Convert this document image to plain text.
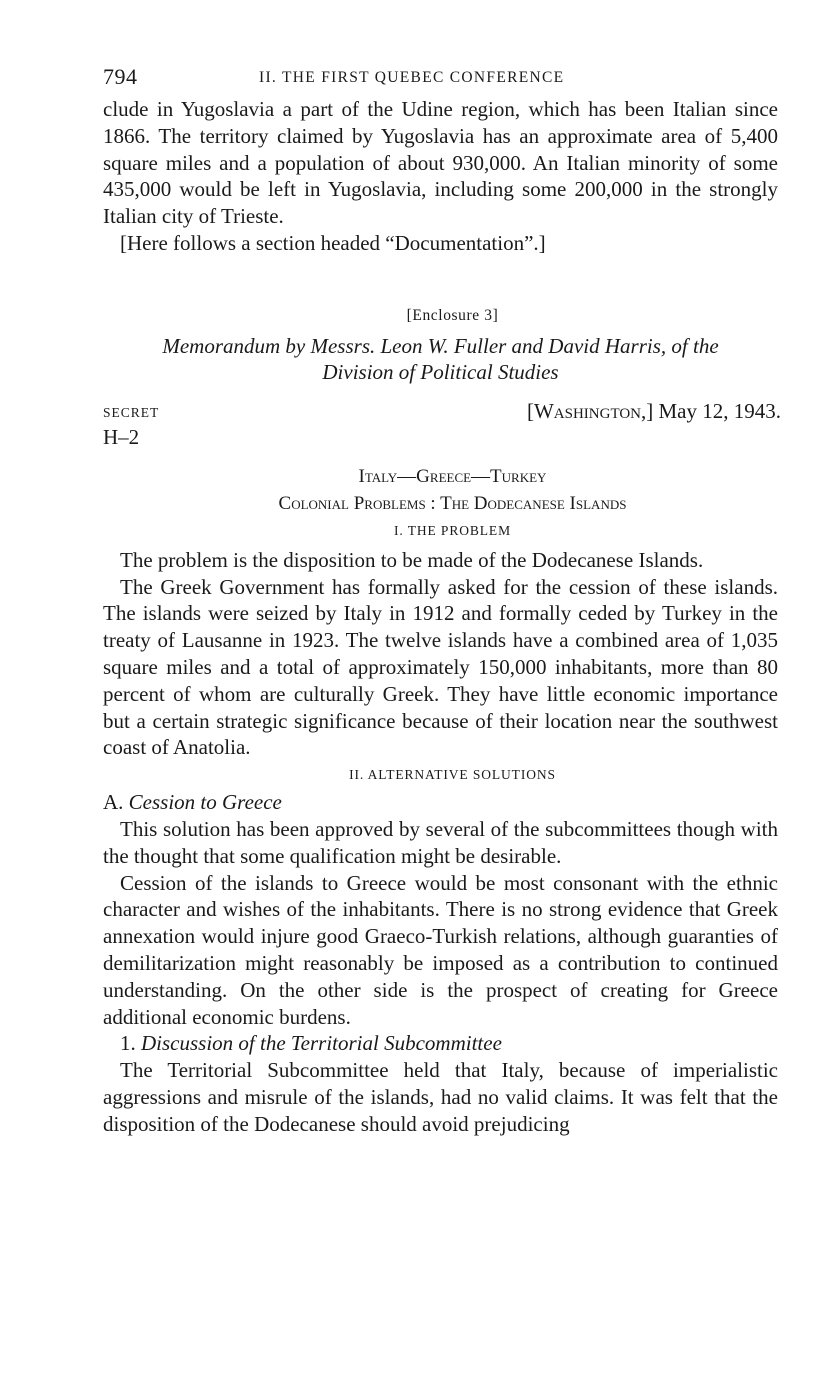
794	II. THE FIRST QUEBEC CONFERENCE

clude in Yugoslavia a part of the Udine region, which has been Italian since 1866. The territory claimed by Yugoslavia has an approximate area of 5,400 square miles and a population of about 930,000. An Italian minority of some 435,000 would be left in Yugoslavia, including some 200,000 in the strongly Italian city of Trieste.

[Here follows a section headed “Documentation”.]

[Enclosure 3]
Memorandum by Messrs. Leon W. Fuller and David Harris, of the
Division of Political Studies
SECRET
H–2
[Washington,] May 12, 1943.
Italy—Greece—Turkey
Colonial Problems : The Dodecanese Islands
I. THE PROBLEM

The problem is the disposition to be made of the Dodecanese Islands.

The Greek Government has formally asked for the cession of these islands. The islands were seized by Italy in 1912 and formally ceded by Turkey in the treaty of Lausanne in 1923. The twelve islands have a combined area of 1,035 square miles and a total of approximately 150,000 inhabitants, more than 80 percent of whom are culturally Greek. They have little economic importance but a certain strategic significance because of their location near the southwest coast of Anatolia.

II. ALTERNATIVE SOLUTIONS
A. Cession to Greece

This solution has been approved by several of the subcommittees though with the thought that some qualification might be desirable.

Cession of the islands to Greece would be most consonant with the ethnic character and wishes of the inhabitants. There is no strong evidence that Greek annexation would injure good Graeco-Turkish relations, although guaranties of demilitarization might reasonably be imposed as a contribution to continued understanding. On the other side is the prospect of creating for Greece additional economic burdens.

1. Discussion of the Territorial Subcommittee

The Territorial Subcommittee held that Italy, because of imperialistic aggressions and misrule of the islands, had no valid claims. It was felt that the disposition of the Dodecanese should avoid prejudicing
